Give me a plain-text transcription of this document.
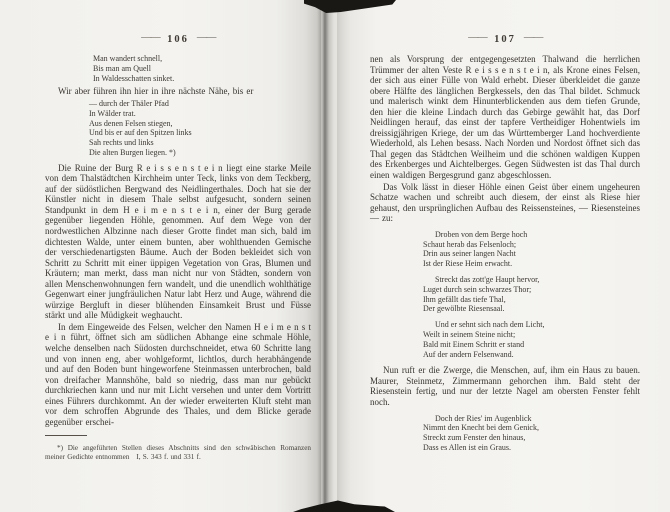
—— 106 ——
Man wandert schnell,
Bis man am Quell
In Waldesschatten sinket.

Wir aber führen ihn hier in ihre nächste Nähe, bis er

— durch der Thäler Pfad
In Wälder trat.
Aus denen Felsen stiegen,
Und bis er auf den Spitzen links
Sah rechts und links
Die alten Burgen liegen. *)

Die Ruine der Burg R e i s s e n s t e i n liegt eine starke Meile von dem Thalstädtchen Kirchheim unter Teck, links von dem Teckberg, auf der südöstlichen Bergwand des Neidlingerthales. Doch hat sie der Künstler nicht in diesem Thale selbst aufgesucht, sondern seinen Standpunkt in dem H e i m e n s t e i n, einer der Burg gerade gegenüber liegenden Höhle, genommen. Auf dem Wege von der nordwestlichen Albzinne nach dieser Grotte findet man sich, bald im dichtesten Walde, unter einem bunten, aber wohlthuenden Gemische der verschiedenartigsten Bäume. Auch der Boden bekleidet sich von Schritt zu Schritt mit einer üppigen Vegetation von Gras, Blumen und Kräutern; man merkt, dass man nicht nur von Städten, sondern von allen Menschenwohnungen fern wandelt, und die unendlich wohlthätige Gegenwart einer jungfräulichen Natur labt Herz und Auge, während die würzige Bergluft in dieser blühenden Einsamkeit Brust und Füsse stärkt und alle Müdigkeit weghaucht.

In dem Eingeweide des Felsen, welcher den Namen H e i m e n s t e i n führt, öffnet sich am südlichen Abhange eine schmale Höhle, welche denselben nach Südosten durchschneidet, etwa 60 Schritte lang und von innen eng, aber wohlgeformt, lichtlos, durch herabhängende und auf den Boden bunt hingeworfene Steinmassen unterbrochen, bald von dreifacher Mannshöhe, bald so niedrig, dass man nur gebückt durchkriechen kann und nur mit Licht versehen und unter dem Vortritt eines Führers durchkommt. An der wieder erweiterten Kluft steht man vor dem schroffen Abgrunde des Thales, und dem Blicke gerade gegenüber erschei-

*) Die angeführten Stellen dieses Abschnitts sind den schwäbischen Romanzen meiner Gedichte entnommen   I, S. 343 f. und 331 f.

—— 107 ——

nen als Vorsprung der entgegengesetzten Thalwand die herrlichen Trümmer der alten Veste R e i s s e n s t e i n, als Krone eines Felsen, der sich aus einer Fülle von Wald erhebt. Dieser überkleidet die ganze obere Hälfte des länglichen Bergkessels, den das Thal bildet. Schmuck und malerisch winkt dem Hinunterblickenden aus dem tiefen Grunde, den hier die kleine Lindach durch das Gebirge gewählt hat, das Dorf Neidlingen herauf, das einst der tapfere Vertheidiger Hohentwiels im dreissigjährigen Kriege, der um das Württemberger Land hochverdiente Wiederhold, als Lehen besass. Nach Norden und Nordost öffnet sich das Thal gegen das Städtchen Weilheim und die schönen waldigen Kuppen des Erkenberges und Aichtelberges. Gegen Südwesten ist das Thal durch einen waldigen Bergesgrund ganz abgeschlossen.

Das Volk lässt in dieser Höhle einen Geist über einem ungeheuren Schatze wachen und schreibt auch diesem, der einst als Riese hier gehaust, den ursprünglichen Aufbau des Reissensteines, — Riesensteines — zu:

Droben von dem Berge hoch
Schaut herab das Felsenloch;
Drin aus seiner langen Nacht
Ist der Riese Heim erwacht.
Streckt das zott'ge Haupt hervor,
Luget durch sein schwarzes Thor;
Ihm gefällt das tiefe Thal,
Der gewölbte Riesensaal.
Und er sehnt sich nach dem Licht,
Weilt in seinem Steine nicht;
Bald mit Einem Schritt er stand
Auf der andern Felsenwand.

Nun ruft er die Zwerge, die Menschen, auf, ihm ein Haus zu bauen. Maurer, Steinmetz, Zimmermann gehorchen ihm. Bald steht der Riesenstein fertig, und nur der letzte Nagel am obersten Fenster fehlt noch.

Doch der Ries' im Augenblick
Nimmt den Knecht bei dem Genick,
Streckt zum Fenster den hinaus,
Dass es Allen ist ein Graus.
